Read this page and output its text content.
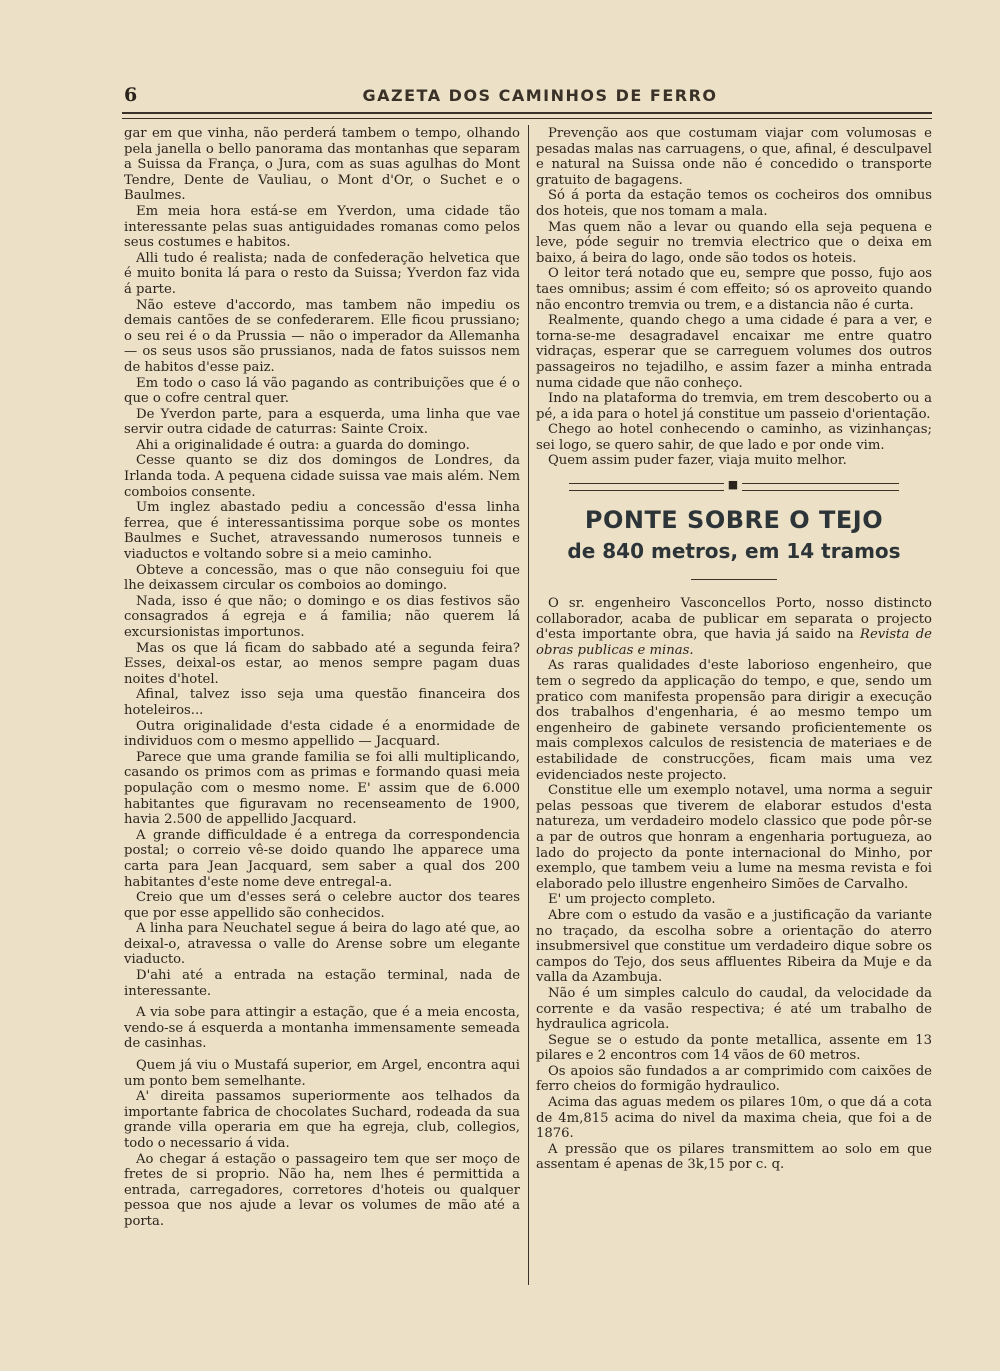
6	GAZETA DOS CAMINHOS DE FERRO

gar em que vinha, não perderá tambem o tempo, olhando pela janella o bello panorama das montanhas que separam a Suissa da França, o Jura, com as suas agulhas do Mont Tendre, Dente de Vauliau, o Mont d'Or, o Suchet e o Baulmes.

Em meia hora está-se em Yverdon, uma cidade tão interessante pelas suas antiguidades romanas como pelos seus costumes e habitos.

Alli tudo é realista; nada de confederação helvetica que é muito bonita lá para o resto da Suissa; Yverdon faz vida á parte.

Não esteve d'accordo, mas tambem não impediu os demais cantões de se confederarem. Elle ficou prussiano; o seu rei é o da Prussia — não o imperador da Allemanha — os seus usos são prussianos, nada de fatos suissos nem de habitos d'esse paiz.

Em todo o caso lá vão pagando as contribuições que é o que o cofre central quer.

De Yverdon parte, para a esquerda, uma linha que vae servir outra cidade de caturras: Sainte Croix.

Ahi a originalidade é outra: a guarda do domingo.

Cesse quanto se diz dos domingos de Londres, da Irlanda toda. A pequena cidade suissa vae mais além. Nem comboios consente.

Um inglez abastado pediu a concessão d'essa linha ferrea, que é interessantissima porque sobe os montes Baulmes e Suchet, atravessando numerosos tunneis e viaductos e voltando sobre si a meio caminho.

Obteve a concessão, mas o que não conseguiu foi que lhe deixassem circular os comboios ao domingo.

Nada, isso é que não; o domingo e os dias festivos são consagrados á egreja e á familia; não querem lá excursionistas importunos.

Mas os que lá ficam do sabbado até a segunda feira? Esses, deixal-os estar, ao menos sempre pagam duas noites d'hotel.

Afinal, talvez isso seja uma questão financeira dos hoteleiros...

Outra originalidade d'esta cidade é a enormidade de individuos com o mesmo appellido — Jacquard.

Parece que uma grande familia se foi alli multiplicando, casando os primos com as primas e formando quasi meia população com o mesmo nome. E' assim que de 6.000 habitantes que figuravam no recenseamento de 1900, havia 2.500 de appellido Jacquard.

A grande difficuldade é a entrega da correspondencia postal; o correio vê-se doido quando lhe apparece uma carta para Jean Jacquard, sem saber a qual dos 200 habitantes d'este nome deve entregal-a.

Creio que um d'esses será o celebre auctor dos teares que por esse appellido são conhecidos.

A linha para Neuchatel segue á beira do lago até que, ao deixal-o, atravessa o valle do Arense sobre um elegante viaducto.

D'ahi até a entrada na estação terminal, nada de interessante.

A via sobe para attingir a estação, que é a meia encosta, vendo-se á esquerda a montanha immensamente semeada de casinhas.

Quem já viu o Mustafá superior, em Argel, encontra aqui um ponto bem semelhante.

A' direita passamos superiormente aos telhados da importante fabrica de chocolates Suchard, rodeada da sua grande villa operaria em que ha egreja, club, collegios, todo o necessario á vida.

Ao chegar á estação o passageiro tem que ser moço de fretes de si proprio. Não ha, nem lhes é permittida a entrada, carregadores, corretores d'hoteis ou qualquer pessoa que nos ajude a levar os volumes de mão até a porta.

Prevenção aos que costumam viajar com volumosas e pesadas malas nas carruagens, o que, afinal, é desculpavel e natural na Suissa onde não é concedido o transporte gratuito de bagagens.

Só á porta da estação temos os cocheiros dos omnibus dos hoteis, que nos tomam a mala.

Mas quem não a levar ou quando ella seja pequena e leve, póde seguir no tremvia electrico que o deixa em baixo, á beira do lago, onde são todos os hoteis.

O leitor terá notado que eu, sempre que posso, fujo aos taes omnibus; assim é com effeito; só os aproveito quando não encontro tremvia ou trem, e a distancia não é curta.

Realmente, quando chego a uma cidade é para a ver, e torna-se-me desagradavel encaixar me entre quatro vidraças, esperar que se carreguem volumes dos outros passageiros no tejadilho, e assim fazer a minha entrada numa cidade que não conheço.

Indo na plataforma do tremvia, em trem descoberto ou a pé, a ida para o hotel já constitue um passeio d'orientação.

Chego ao hotel conhecendo o caminho, as vizinhanças; sei logo, se quero sahir, de que lado e por onde vim.

Quem assim puder fazer, viaja muito melhor.

■
PONTE SOBRE O TEJO
de 840 metros, em 14 tramos

O sr. engenheiro Vasconcellos Porto, nosso distincto collaborador, acaba de publicar em separata o projecto d'esta importante obra, que havia já saido na Revista de obras publicas e minas.

As raras qualidades d'este laborioso engenheiro, que tem o segredo da applicação do tempo, e que, sendo um pratico com manifesta propensão para dirigir a execução dos trabalhos d'engenharia, é ao mesmo tempo um engenheiro de gabinete versando proficientemente os mais complexos calculos de resistencia de materiaes e de estabilidade de construcções, ficam mais uma vez evidenciados neste projecto.

Constitue elle um exemplo notavel, uma norma a seguir pelas pessoas que tiverem de elaborar estudos d'esta natureza, um verdadeiro modelo classico que pode pôr-se a par de outros que honram a engenharia portugueza, ao lado do projecto da ponte internacional do Minho, por exemplo, que tambem veiu a lume na mesma revista e foi elaborado pelo illustre engenheiro Simões de Carvalho.

E' um projecto completo.

Abre com o estudo da vasão e a justificação da variante no traçado, da escolha sobre a orientação do aterro insubmersivel que constitue um verdadeiro dique sobre os campos do Tejo, dos seus affluentes Ribeira da Muje e da valla da Azambuja.

Não é um simples calculo do caudal, da velocidade da corrente e da vasão respectiva; é até um trabalho de hydraulica agricola.

Segue se o estudo da ponte metallica, assente em 13 pilares e 2 encontros com 14 vãos de 60 metros.

Os apoios são fundados a ar comprimido com caixões de ferro cheios do formigão hydraulico.

Acima das aguas medem os pilares 10m, o que dá a cota de 4m,815 acima do nivel da maxima cheia, que foi a de 1876.

A pressão que os pilares transmittem ao solo em que assentam é apenas de 3k,15 por c. q.
